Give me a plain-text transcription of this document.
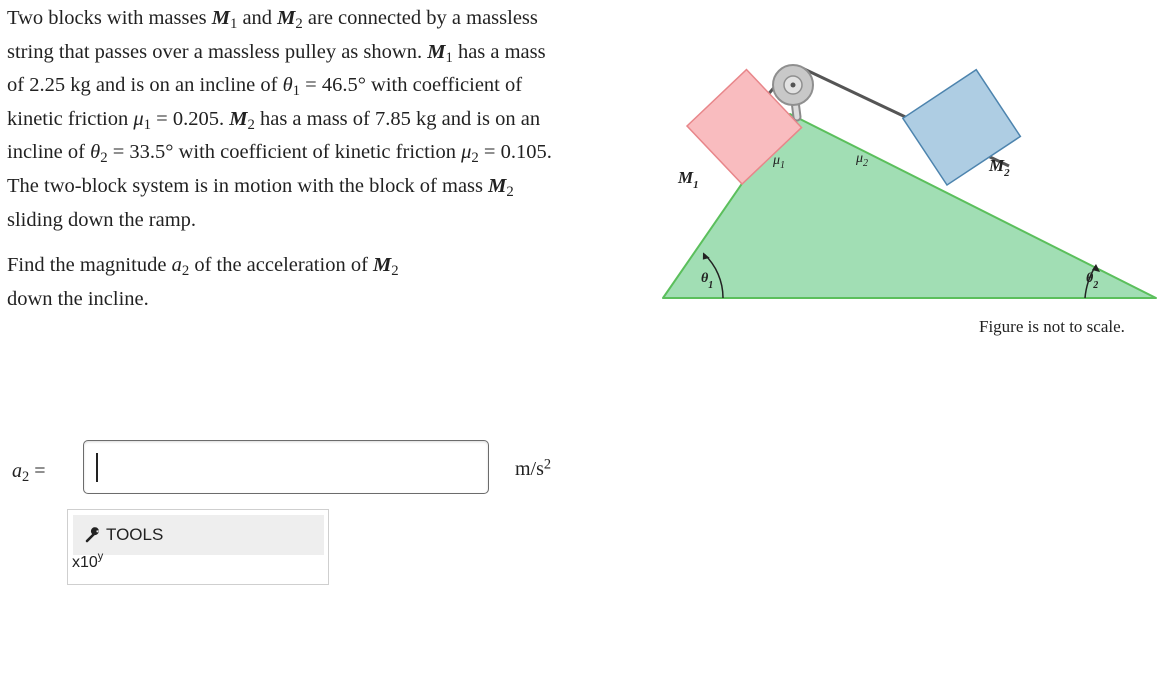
Two blocks with masses $M_1$ and $M_2$ are connected by a massless string that passes over a massless pulley as shown. $M_1$ has a mass of 2.25 kg and is on an incline of $\theta_1 = 46.5^\circ$ with coefficient of kinetic friction $\mu_1 = 0.205$. $M_2$ has a mass of 7.85 kg and is on an incline of $\theta_2 = 33.5^\circ$ with coefficient of kinetic friction $\mu_2 = 0.105$. The two-block system is in motion with the block of mass $M_2$ sliding down the ramp.

Find the magnitude $a_2$ of the acceleration of $M_2$
down the incline.

$M_1$
$M_2$
$\mu_1$	$\mu_2$
$\theta_1$	$\theta_2$
Figure is not to scale.
$a_2$ =	$m/s^2$
TOOLS
x10$^y$
